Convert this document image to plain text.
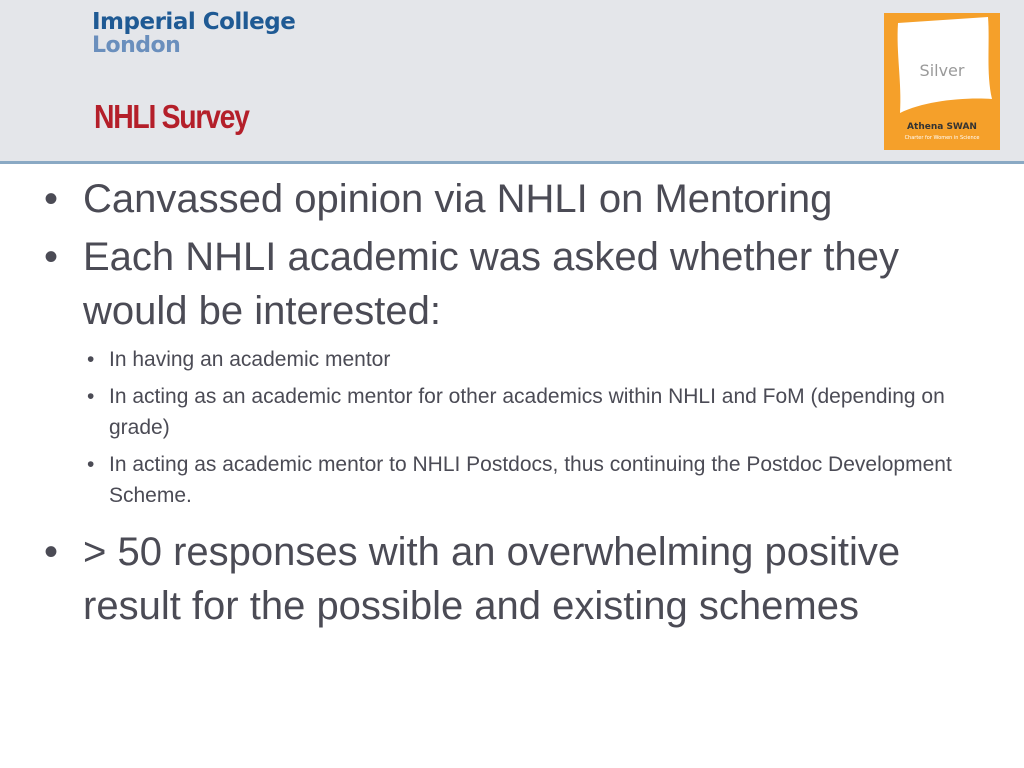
Imperial College
London
NHLI Survey
Silver
Athena SWAN
Charter for Women in Science
• Canvassed opinion via NHLI on Mentoring
• Each NHLI academic was asked whether they would be interested:
• In having an academic mentor
• In acting as an academic mentor for other academics within NHLI and FoM (depending on grade)
• In acting as academic mentor to NHLI Postdocs, thus continuing the Postdoc Development Scheme.
• > 50 responses with an overwhelming positive result for the possible and existing schemes
